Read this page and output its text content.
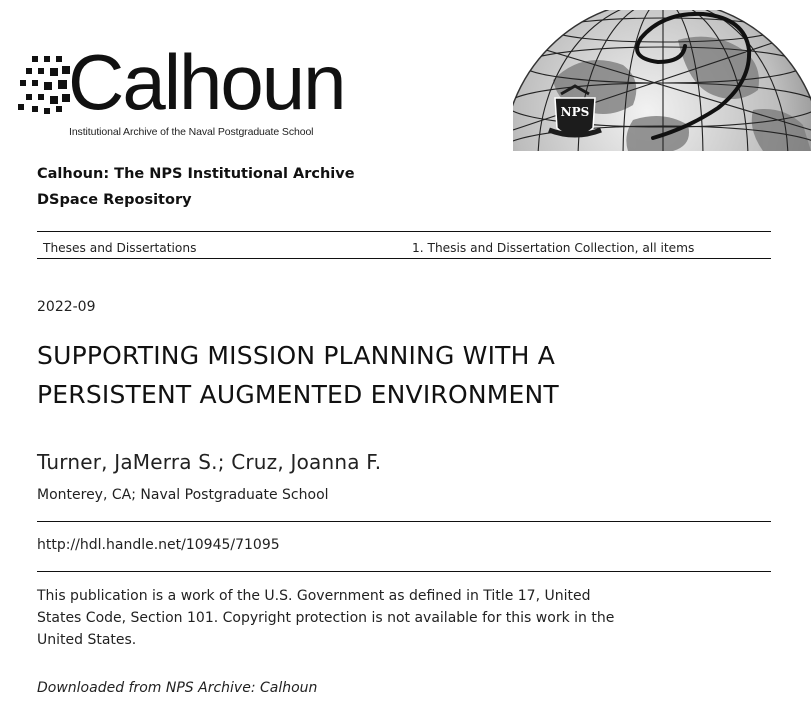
Calhoun
Institutional Archive of the Naval Postgraduate School
NPS
Calhoun: The NPS Institutional Archive
DSpace Repository
Theses and Dissertations	1. Thesis and Dissertation Collection, all items
2022-09
SUPPORTING MISSION PLANNING WITH A
PERSISTENT AUGMENTED ENVIRONMENT
Turner, JaMerra S.; Cruz, Joanna F.
Monterey, CA; Naval Postgraduate School
http://hdl.handle.net/10945/71095
This publication is a work of the U.S. Government as defined in Title 17, United
States Code, Section 101. Copyright protection is not available for this work in the
United States.
Downloaded from NPS Archive: Calhoun
